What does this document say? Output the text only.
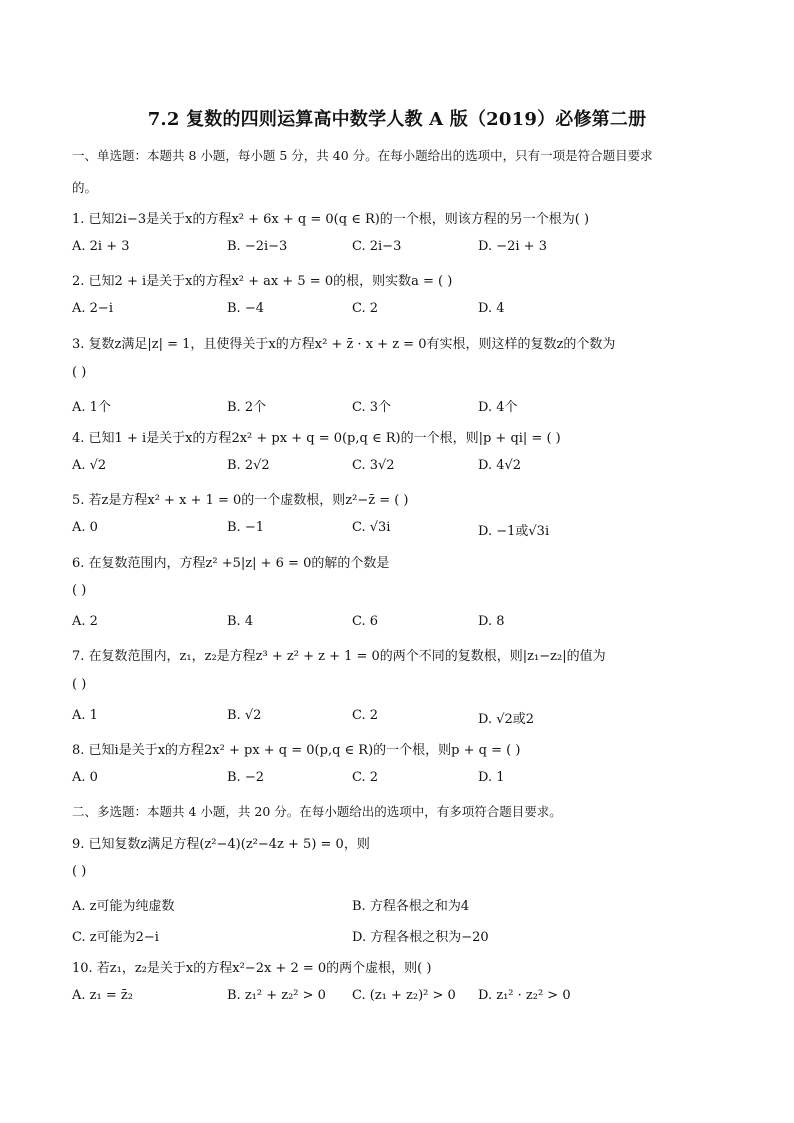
7.2 复数的四则运算高中数学人教 A 版（2019）必修第二册
一、单选题：本题共 8 小题，每小题 5 分，共 40 分。在每小题给出的选项中，只有一项是符合题目要求
的。
1. 已知2i−3是关于x的方程x² + 6x + q = 0(q ∈ R)的一个根，则该方程的另一个根为( )
A. 2i + 3	B. −2i−3	C. 2i−3	D. −2i + 3
2. 已知2 + i是关于x的方程x² + ax + 5 = 0的根，则实数a = ( )
A. 2−i	B. −4	C. 2	D. 4
3. 复数z满足|z| = 1，且使得关于x的方程x² + z̄ · x + z = 0有实根，则这样的复数z的个数为
( )
A. 1个	B. 2个	C. 3个	D. 4个
4. 已知1 + i是关于x的方程2x² + px + q = 0(p,q ∈ R)的一个根，则|p + qi| = ( )
A. √2	B. 2√2	C. 3√2	D. 4√2
5. 若z是方程x² + x + 1 = 0的一个虚数根，则z²−z̄ = ( )
A. 0	B. −1	C. √3i	D. −1或√3i
6. 在复数范围内，方程z² +5|z| + 6 = 0的解的个数是
( )
A. 2	B. 4	C. 6	D. 8
7. 在复数范围内，z₁，z₂是方程z³ + z² + z + 1 = 0的两个不同的复数根，则|z₁−z₂|的值为
( )
A. 1	B. √2	C. 2	D. √2或2
8. 已知i是关于x的方程2x² + px + q = 0(p,q ∈ R)的一个根，则p + q = ( )
A. 0	B. −2	C. 2	D. 1
二、多选题：本题共 4 小题，共 20 分。在每小题给出的选项中，有多项符合题目要求。
9. 已知复数z满足方程(z²−4)(z²−4z + 5) = 0，则
( )
A. z可能为纯虚数	B. 方程各根之和为4
C. z可能为2−i	D. 方程各根之积为−20
10. 若z₁，z₂是关于x的方程x²−2x + 2 = 0的两个虚根，则( )
A. z₁ = z̄₂	B. z₁² + z₂² > 0 C. (z₁ + z₂)² > 0 D. z₁² · z₂² > 0
